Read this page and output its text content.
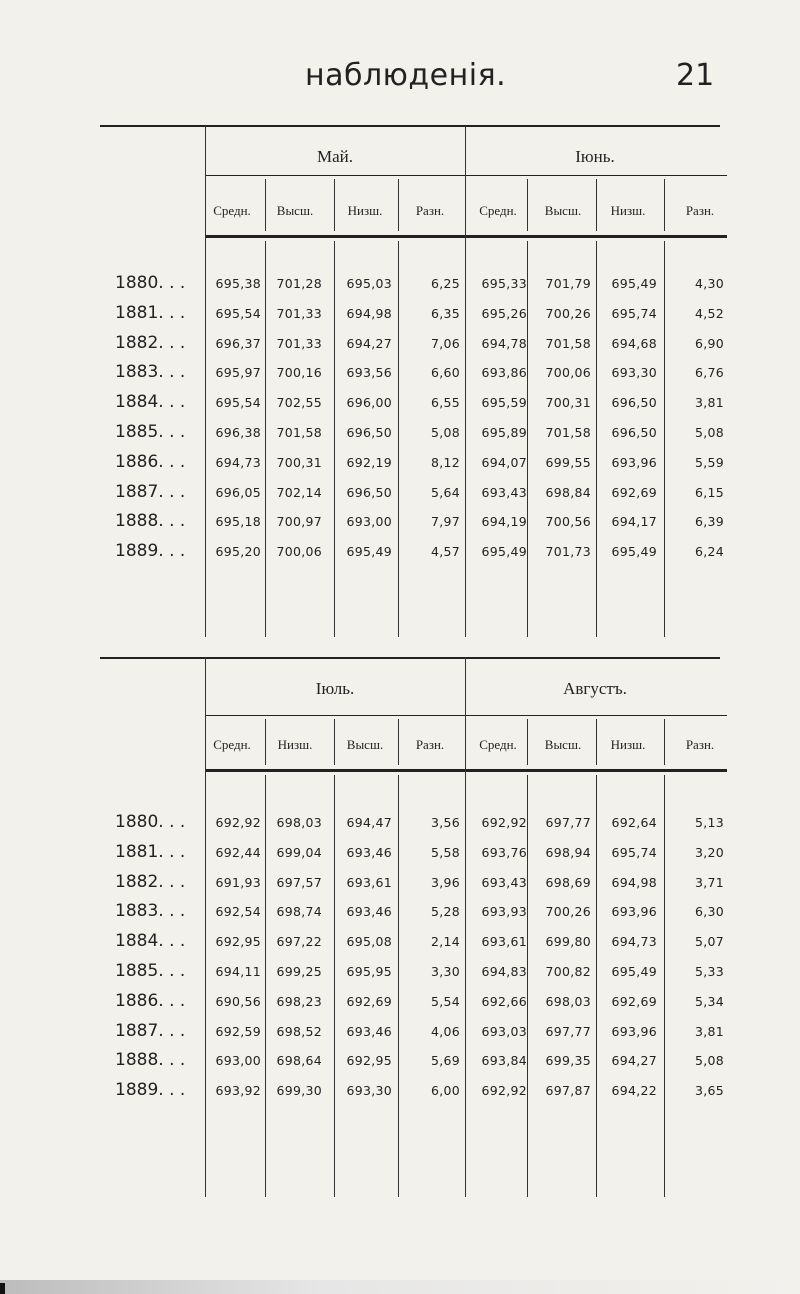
наблюденія.	21
Май.	Іюнь.
Средн.	Высш.	Низш.	Разн.	Средн.	Высш.	Низш.	Разн.
1880. . .	695,38	701,28	695,03	6,25	695,33	701,79	695,49	4,30
1881. . .	695,54	701,33	694,98	6,35	695,26	700,26	695,74	4,52
1882. . .	696,37	701,33	694,27	7,06	694,78	701,58	694,68	6,90
1883. . .	695,97	700,16	693,56	6,60	693,86	700,06	693,30	6,76
1884. . .	695,54	702,55	696,00	6,55	695,59	700,31	696,50	3,81
1885. . .	696,38	701,58	696,50	5,08	695,89	701,58	696,50	5,08
1886. . .	694,73	700,31	692,19	8,12	694,07	699,55	693,96	5,59
1887. . .	696,05	702,14	696,50	5,64	693,43	698,84	692,69	6,15
1888. . .	695,18	700,97	693,00	7,97	694,19	700,56	694,17	6,39
1889. . .	695,20	700,06	695,49	4,57	695,49	701,73	695,49	6,24
Іюль.	Августъ.
Средн.	Низш.	Высш.	Разн.	Средн.	Высш.	Низш.	Разн.
1880. . .	692,92	698,03	694,47	3,56	692,92	697,77	692,64	5,13
1881. . .	692,44	699,04	693,46	5,58	693,76	698,94	695,74	3,20
1882. . .	691,93	697,57	693,61	3,96	693,43	698,69	694,98	3,71
1883. . .	692,54	698,74	693,46	5,28	693,93	700,26	693,96	6,30
1884. . .	692,95	697,22	695,08	2,14	693,61	699,80	694,73	5,07
1885. . .	694,11	699,25	695,95	3,30	694,83	700,82	695,49	5,33
1886. . .	690,56	698,23	692,69	5,54	692,66	698,03	692,69	5,34
1887. . .	692,59	698,52	693,46	4,06	693,03	697,77	693,96	3,81
1888. . .	693,00	698,64	692,95	5,69	693,84	699,35	694,27	5,08
1889. . .	693,92	699,30	693,30	6,00	692,92	697,87	694,22	3,65
